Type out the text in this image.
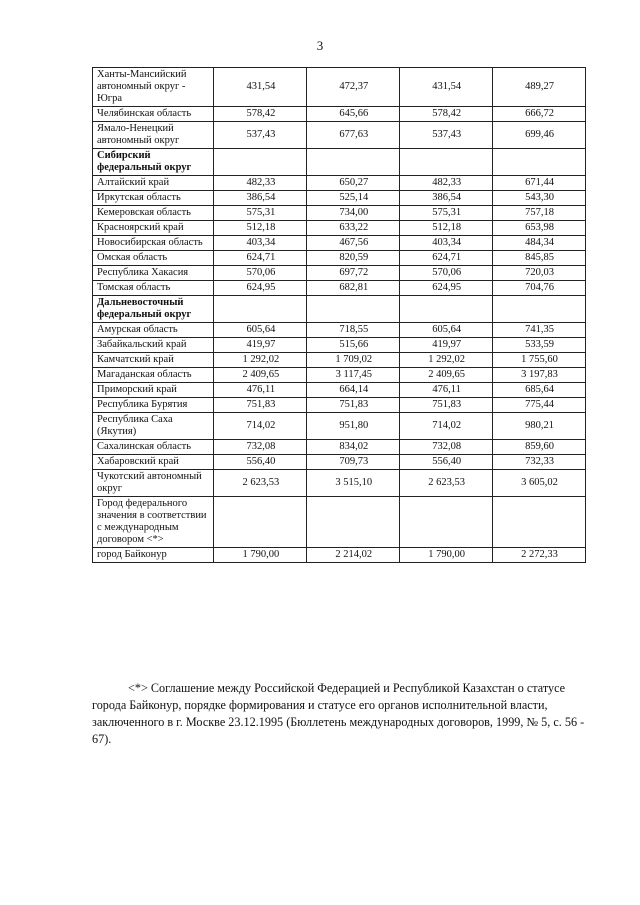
3
Ханты-Мансийский автономный округ - Югра	431,54	472,37	431,54	489,27
Челябинская область	578,42	645,66	578,42	666,72
Ямало-Ненецкий автономный округ	537,43	677,63	537,43	699,46
Сибирский федеральный округ				
Алтайский край	482,33	650,27	482,33	671,44
Иркутская область	386,54	525,14	386,54	543,30
Кемеровская область	575,31	734,00	575,31	757,18
Красноярский край	512,18	633,22	512,18	653,98
Новосибирская область	403,34	467,56	403,34	484,34
Омская область	624,71	820,59	624,71	845,85
Республика Хакасия	570,06	697,72	570,06	720,03
Томская область	624,95	682,81	624,95	704,76
Дальневосточный федеральный округ				
Амурская область	605,64	718,55	605,64	741,35
Забайкальский край	419,97	515,66	419,97	533,59
Камчатский край	1 292,02	1 709,02	1 292,02	1 755,60
Магаданская область	2 409,65	3 117,45	2 409,65	3 197,83
Приморский край	476,11	664,14	476,11	685,64
Республика Бурятия	751,83	751,83	751,83	775,44
Республика Саха (Якутия)	714,02	951,80	714,02	980,21
Сахалинская область	732,08	834,02	732,08	859,60
Хабаровский край	556,40	709,73	556,40	732,33
Чукотский автономный округ	2 623,53	3 515,10	2 623,53	3 605,02
Город федерального значения в соответствии с международным договором <*>				
город Байконур	1 790,00	2 214,02	1 790,00	2 272,33

<*> Соглашение между Российской Федерацией и Республикой Казахстан о статусе города Байконур, порядке формирования и статусе его органов исполнительной власти, заключенного в г. Москве 23.12.1995 (Бюллетень международных договоров, 1999, № 5, с. 56 - 67).
